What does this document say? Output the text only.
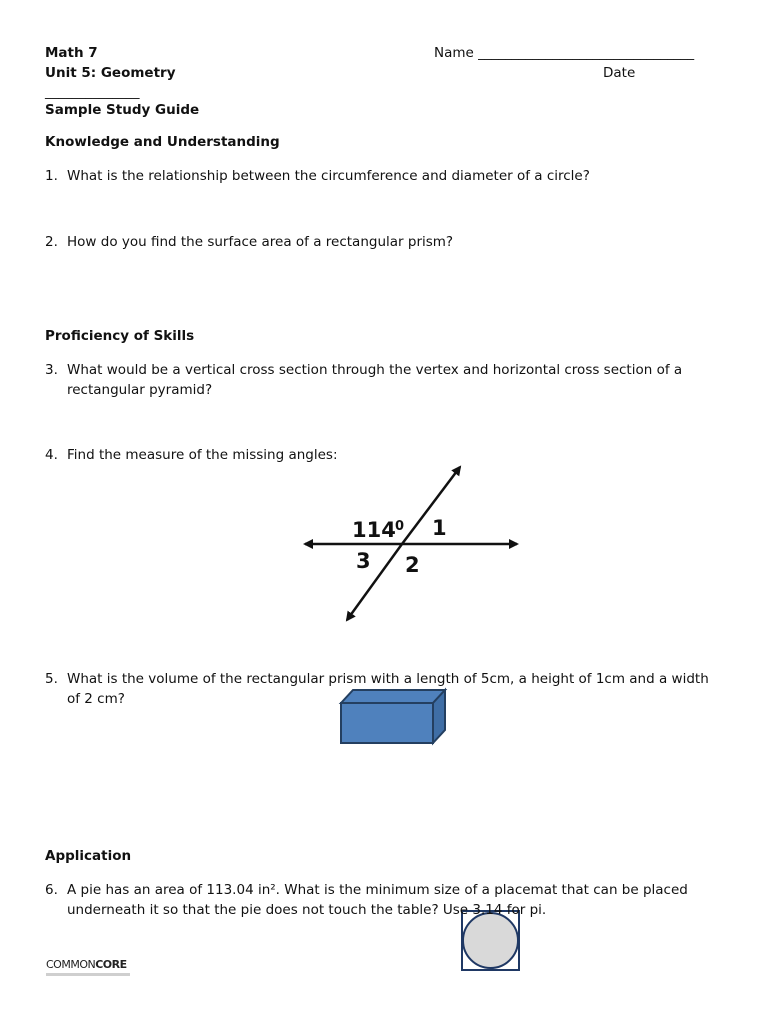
Math 7
Unit 5: Geometry
Name ________________________________
Date
______________
Sample Study Guide
Knowledge and Understanding
1. What is the relationship between the circumference and diameter of a circle?
2. How do you find the surface area of a rectangular prism?
Proficiency of Skills
3. What would be a vertical cross section through the vertex and horizontal cross section of a rectangular pyramid?
4. Find the measure of the missing angles:
114 0 1
3 2
5. What is the volume of the rectangular prism with a length of 5cm, a height of 1cm and a width of 2 cm?
Application
6. A pie has an area of 113.04 in². What is the minimum size of a placemat that can be placed underneath it so that the pie does not touch the table? Use 3.14 for pi.
COMMONCORE
